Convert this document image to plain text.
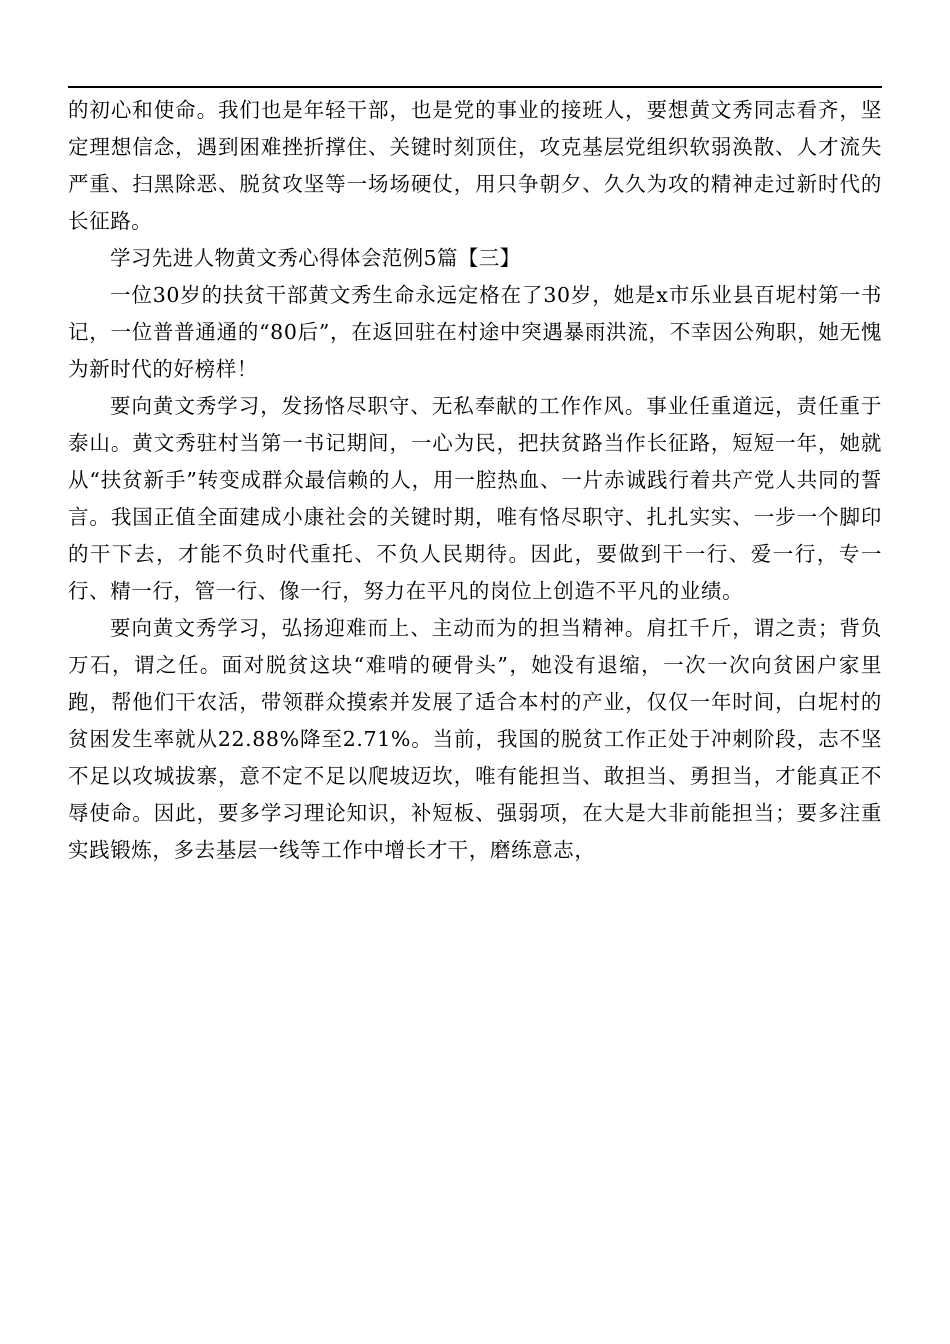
的初心和使命。我们也是年轻干部，也是党的事业的接班人，要想黄文秀同志看齐，坚定理想信念，遇到困难挫折撑住、关键时刻顶住，攻克基层党组织软弱涣散、人才流失严重、扫黑除恶、脱贫攻坚等一场场硬仗，用只争朝夕、久久为攻的精神走过新时代的长征路。

学习先进人物黄文秀心得体会范例5篇【三】

一位30岁的扶贫干部黄文秀生命永远定格在了30岁，她是x市乐业县百坭村第一书记，一位普普通通的“80后”，在返回驻在村途中突遇暴雨洪流，不幸因公殉职，她无愧为新时代的好榜样！

要向黄文秀学习，发扬恪尽职守、无私奉献的工作作风。事业任重道远，责任重于泰山。黄文秀驻村当第一书记期间，一心为民，把扶贫路当作长征路，短短一年，她就从“扶贫新手”转变成群众最信赖的人，用一腔热血、一片赤诚践行着共产党人共同的誓言。我国正值全面建成小康社会的关键时期，唯有恪尽职守、扎扎实实、一步一个脚印的干下去，才能不负时代重托、不负人民期待。因此，要做到干一行、爱一行，专一行、精一行，管一行、像一行，努力在平凡的岗位上创造不平凡的业绩。

要向黄文秀学习，弘扬迎难而上、主动而为的担当精神。肩扛千斤，谓之责；背负万石，谓之任。面对脱贫这块“难啃的硬骨头”，她没有退缩，一次一次向贫困户家里跑，帮他们干农活，带领群众摸索并发展了适合本村的产业，仅仅一年时间，白坭村的贫困发生率就从22.88%降至2.71%。当前，我国的脱贫工作正处于冲刺阶段，志不坚不足以攻城拔寨，意不定不足以爬坡迈坎，唯有能担当、敢担当、勇担当，才能真正不辱使命。因此，要多学习理论知识，补短板、强弱项，在大是大非前能担当；要多注重实践锻炼，多去基层一线等工作中增长才干，磨练意志，
